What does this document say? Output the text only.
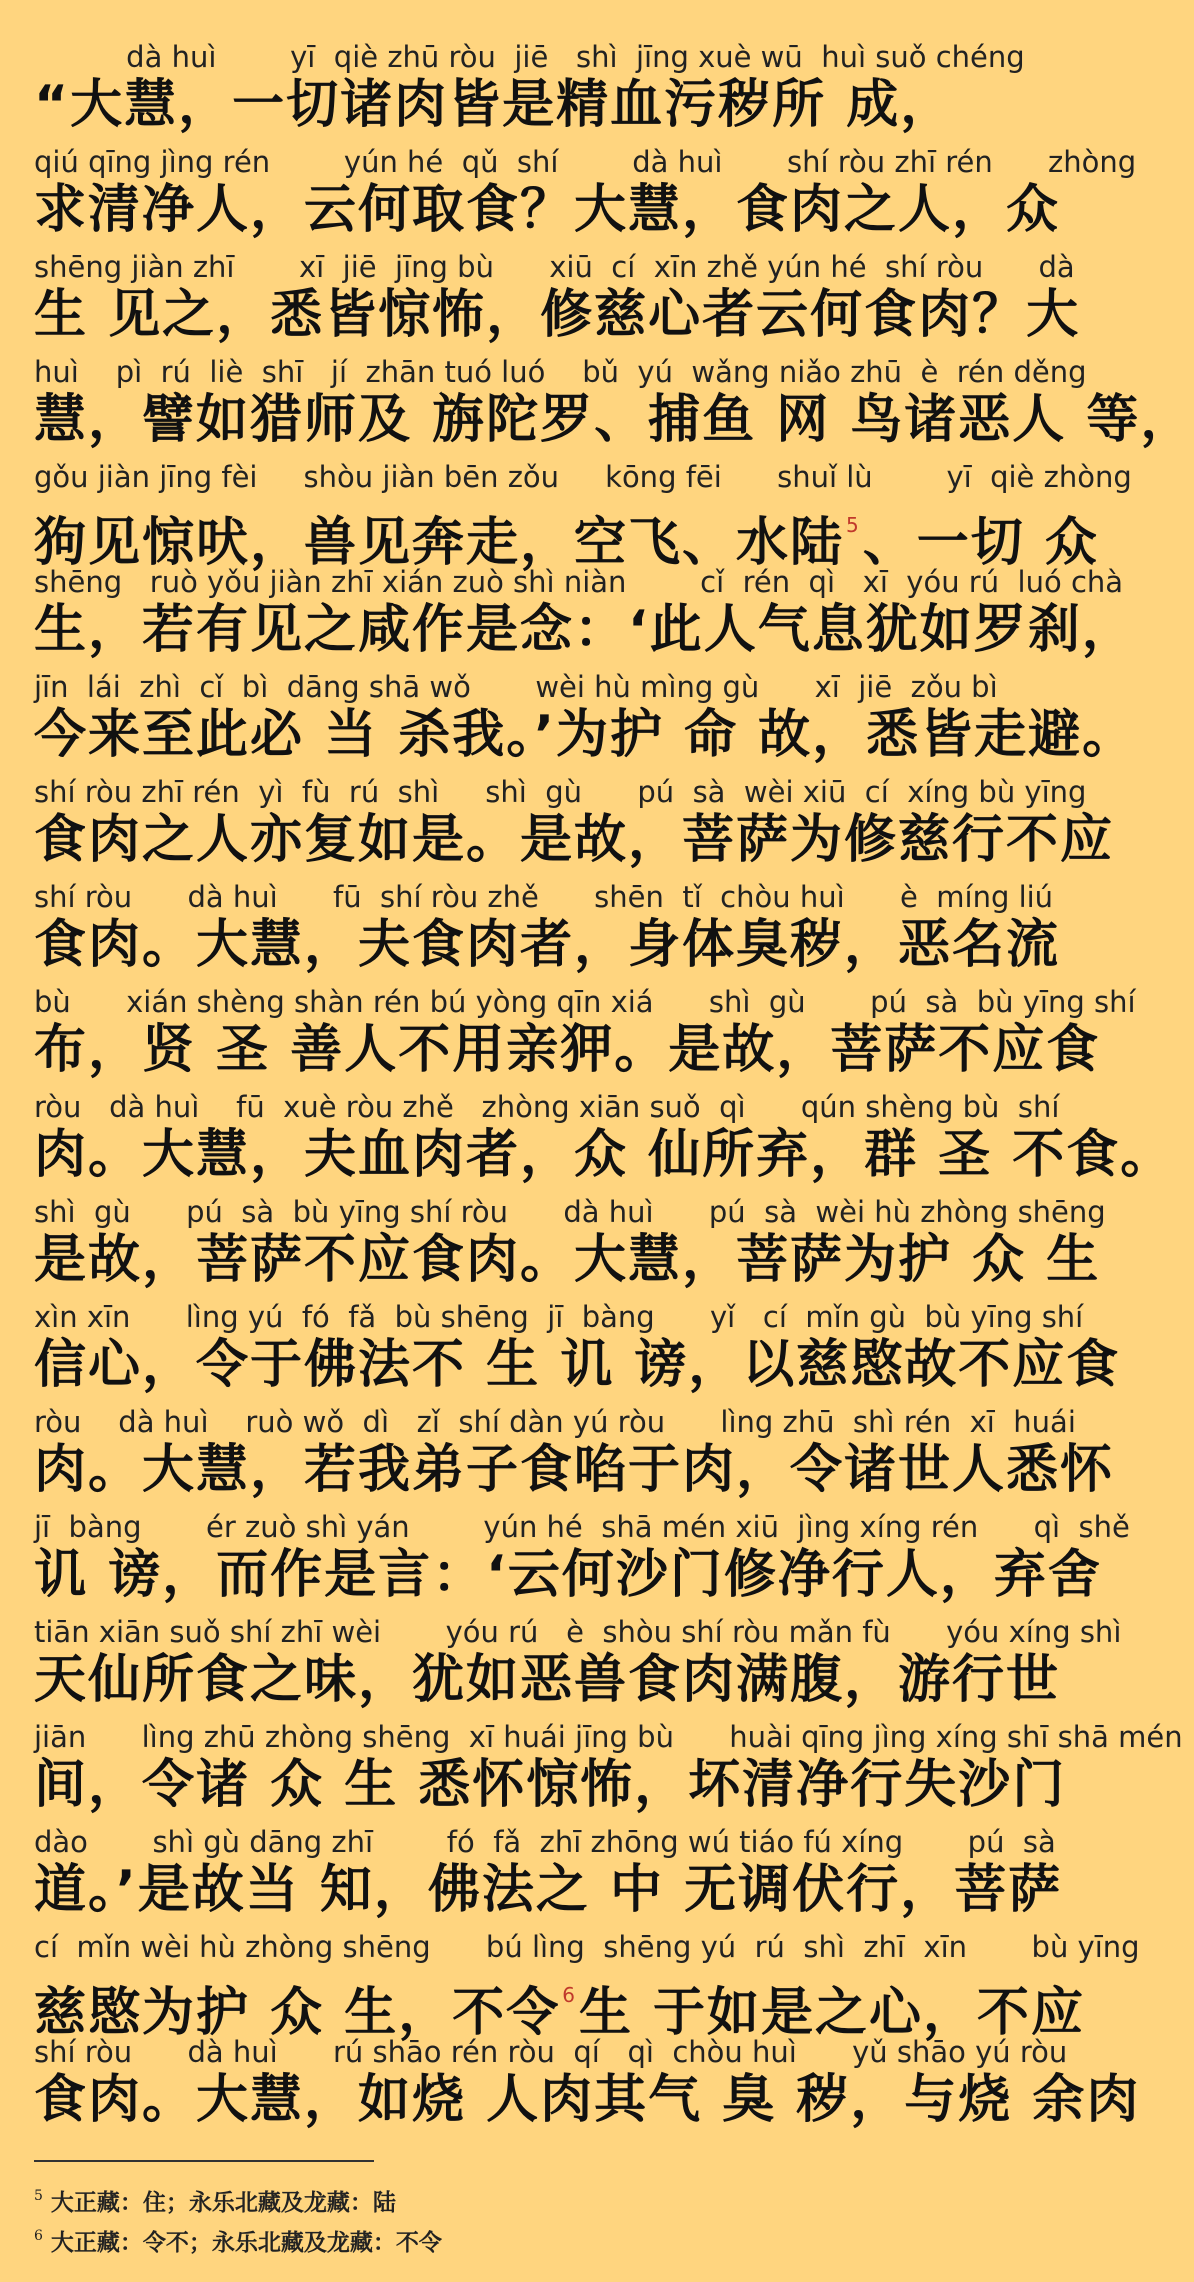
dà huì        yī  qiè zhū ròu  jiē   shì  jīng xuè wū  huì suǒ chéng
“大慧，一切诸肉皆是精血污秽所 成，
qiú qīng jìng rén        yún hé  qǔ  shí        dà huì       shí ròu zhī rén      zhòng
求清净人，云何取食？大慧，食肉之人，众
shēng jiàn zhī       xī  jiē  jīng bù      xiū  cí  xīn zhě yún hé  shí ròu      dà
生 见之，悉皆惊怖，修慈心者云何食肉？大
huì    pì  rú  liè  shī   jí  zhān tuó luó    bǔ  yú  wǎng niǎo zhū  è  rén děng
慧，譬如猎师及 旃陀罗、捕鱼 网 鸟诸恶人 等，
gǒu jiàn jīng fèi     shòu jiàn bēn zǒu     kōng fēi      shuǐ lù        yī  qiè zhòng
狗见惊吠，兽见奔走，空飞、水陆 $^5$、一切 众
shēng   ruò yǒu jiàn zhī xián zuò shì niàn        cǐ  rén  qì   xī  yóu rú  luó chà
生，若有见之咸作是念：‘此人气息犹如罗刹，
jīn  lái  zhì  cǐ  bì  dāng shā wǒ       wèi hù mìng gù      xī  jiē  zǒu bì
今来至此必 当 杀我。’为护 命 故，悉皆走避。
shí ròu zhī rén  yì  fù  rú  shì     shì  gù      pú  sà  wèi xiū  cí  xíng bù yīng
食肉之人亦复如是。是故，菩萨为修慈行不应
shí ròu      dà huì      fū  shí ròu zhě      shēn  tǐ  chòu huì      è  míng liú
食肉。大慧，夫食肉者，身体臭秽，恶名流
bù      xián shèng shàn rén bú yòng qīn xiá      shì  gù       pú  sà  bù yīng shí
布，贤 圣 善人不用亲狎。是故，菩萨不应食
ròu   dà huì    fū  xuè ròu zhě   zhòng xiān suǒ  qì      qún shèng bù  shí
肉。大慧，夫血肉者，众 仙所弃，群 圣 不食。
shì  gù      pú  sà  bù yīng shí ròu      dà huì      pú  sà  wèi hù zhòng shēng
是故，菩萨不应食肉。大慧，菩萨为护 众 生
xìn xīn      lìng yú  fó  fǎ  bù shēng  jī  bàng      yǐ   cí  mǐn gù  bù yīng shí
信心，令于佛法不 生 讥 谤，以慈愍故不应食
ròu    dà huì    ruò wǒ  dì   zǐ  shí dàn yú ròu      lìng zhū  shì rén  xī  huái
肉。大慧，若我弟子食啗于肉，令诸世人悉怀
jī  bàng       ér zuò shì yán        yún hé  shā mén xiū  jìng xíng rén      qì  shě
讥 谤，而作是言：‘云何沙门修净行人，弃舍
tiān xiān suǒ shí zhī wèi       yóu rú   è  shòu shí ròu mǎn fù      yóu xíng shì
天仙所食之味，犹如恶兽食肉满腹，游行世
jiān      lìng zhū zhòng shēng  xī huái jīng bù      huài qīng jìng xíng shī shā mén
间，令诸 众 生 悉怀惊怖，坏清净行失沙门
dào       shì gù dāng zhī        fó  fǎ  zhī zhōng wú tiáo fú xíng       pú  sà
道。’是故当 知，佛法之 中 无调伏行，菩萨
cí  mǐn wèi hù zhòng shēng      bú lìng  shēng yú  rú  shì  zhī  xīn       bù yīng
慈愍为护 众 生，不令 $^6$生 于如是之心，不应
shí ròu      dà huì      rú shāo rén ròu  qí   qì  chòu huì      yǔ shāo yú ròu
食肉。大慧，如烧 人肉其气 臭 秽，与烧 余肉
$^5$ 大正藏：住；永乐北藏及龙藏：陆
$^6$ 大正藏：令不；永乐北藏及龙藏：不令
